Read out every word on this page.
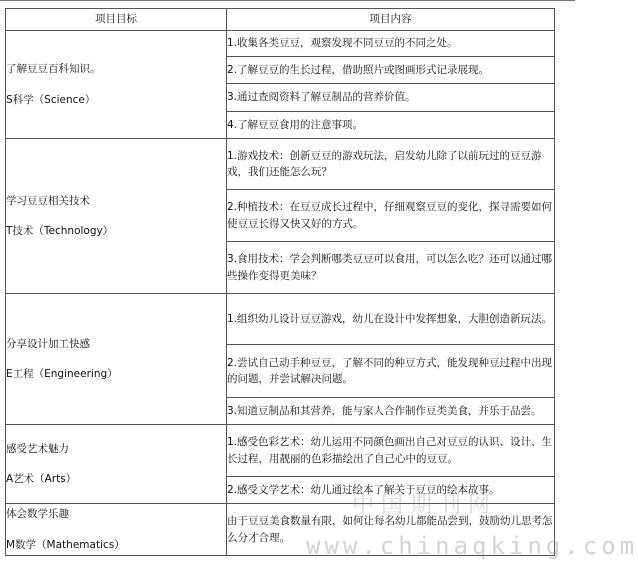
项目目标	项目内容

了解豆豆百科知识。
S科学（Science）	1.收集各类豆豆，观察发现不同豆豆的不同之处。
	2.了解豆豆的生长过程，借助照片或图画形式记录展现。
	3.通过查阅资料了解豆制品的营养价值。
	4.了解豆豆食用的注意事项。

学习豆豆相关技术
T技术（Technology）	1.游戏技术：创新豆豆的游戏玩法，启发幼儿除了以前玩过的豆豆游戏，我们还能怎么玩？
	2.种植技术：在豆豆成长过程中，仔细观察豆豆的变化，探寻需要如何使豆豆长得又快又好的方式。
	3.食用技术：学会判断哪类豆豆可以食用，可以怎么吃？还可以通过哪些操作变得更美味？

分享设计加工快感
E工程（Engineering）	1.组织幼儿设计豆豆游戏，幼儿在设计中发挥想象，大胆创造新玩法。
	2.尝试自己动手种豆豆，了解不同的种豆方式，能发现种豆过程中出现的问题，并尝试解决问题。
	3.知道豆制品和其营养，能与家人合作制作豆类美食，并乐于品尝。

感受艺术魅力
A艺术（Arts）	1.感受色彩艺术：幼儿运用不同颜色画出自己对豆豆的认识、设计、生长过程，用靓丽的色彩描绘出了自己心中的豆豆。
	2.感受文学艺术：幼儿通过绘本了解关于豆豆的绘本故事。

体会数学乐趣
M数学（Mathematics）	由于豆豆美食数量有限，如何让每名幼儿都能品尝到，鼓励幼儿思考怎么分才合理。
中国期刊网
www.chinaqking.com
